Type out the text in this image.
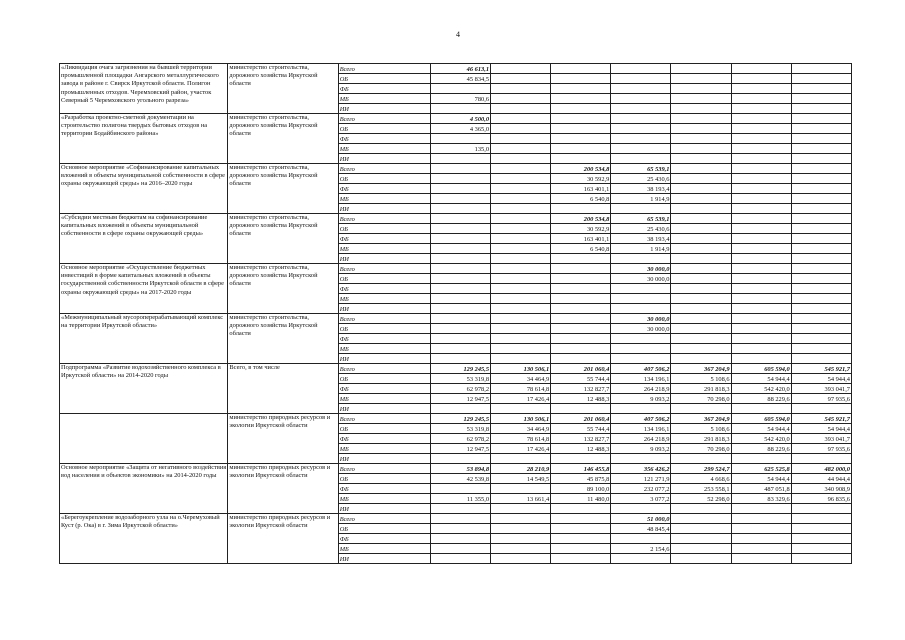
4
«Ликвидация очага загрязнения на бывшей территории промышленной площадки Ангарского металлургического завода в районе г. Свирск Иркутской области. Полигон промышленных отходов. Черемховский район, участок Северный 5 Черемховского угольного разреза»	министерство строительства, дорожного хозяйства Иркутской области	Всего	46 613,1						
		ОБ	45 834,5						
		ФБ							
		МБ	780,6						
		ИИ							
«Разработка проектно-сметной документации на строительство полигона твердых бытовых отходов на территории Бодайбинского района»	министерство строительства, дорожного хозяйства Иркутской области	Всего	4 500,0						
		ОБ	4 365,0						
		ФБ							
		МБ	135,0						
		ИИ							
Основное мероприятие «Софинансирование капитальных вложений в объекты муниципальной собственности в сфере охраны окружающей среды» на 2016–2020 годы	министерство строительства, дорожного хозяйства Иркутской области	Всего			200 534,8	65 539,1			
		ОБ			30 592,9	25 430,6			
		ФБ			163 401,1	38 193,4			
		МБ			6 540,8	1 914,9			
		ИИ							
«Субсидии местным бюджетам на софинансирование капитальных вложений в объекты муниципальной собственности в сфере охраны окружающей среды»	министерство строительства, дорожного хозяйства Иркутской области	Всего			200 534,8	65 539,1			
		ОБ			30 592,9	25 430,6			
		ФБ			163 401,1	38 193,4			
		МБ			6 540,8	1 914,9			
		ИИ							
Основное мероприятие «Осуществление бюджетных инвестиций в форме капитальных вложений в объекты государственной собственности Иркутской области в сфере охраны окружающей среды» на 2017-2020 годы	министерство строительства, дорожного хозяйства Иркутской области	Всего				30 000,0			
		ОБ				30 000,0			
		ФБ							
		МБ							
		ИИ							
«Межмуниципальный мусороперерабатывающий комплекс на территории Иркутской области»	министерство строительства, дорожного хозяйства Иркутской области	Всего				30 000,0			
		ОБ				30 000,0			
		ФБ							
		МБ							
		ИИ							
Подпрограмма «Развитие водохозяйственного комплекса в Иркутской области» на 2014-2020 годы	Всего, в том числе	Всего	129 245,5	130 506,1	201 060,4	407 506,2	367 204,9	605 594,0	545 921,7
		ОБ	53 319,8	34 464,9	55 744,4	134 196,1	5 108,6	54 944,4	54 944,4
		ФБ	62 978,2	78 614,8	132 827,7	264 218,9	291 818,3	542 420,0	393 041,7
		МБ	12 947,5	17 426,4	12 488,3	9 093,2	70 298,0	88 229,6	97 935,6
		ИИ							
	министерство природных ресурсов и экологии Иркутской области	Всего	129 245,5	130 506,1	201 060,4	407 506,2	367 204,9	605 594,0	545 921,7
		ОБ	53 319,8	34 464,9	55 744,4	134 196,1	5 108,6	54 944,4	54 944,4
		ФБ	62 978,2	78 614,8	132 827,7	264 218,9	291 818,3	542 420,0	393 041,7
		МБ	12 947,5	17 426,4	12 488,3	9 093,2	70 298,0	88 229,6	97 935,6
		ИИ							
Основное мероприятие «Защита от негативного воздействия вод населения и объектов экономики» на 2014-2020 годы	министерство природных ресурсов и экологии Иркутской области	Всего	53 894,8	28 210,9	146 455,8	356 426,2	299 524,7	625 525,8	482 000,0
		ОБ	42 539,8	14 549,5	45 875,8	121 271,9	4 668,6	54 944,4	44 944,4
		ФБ			89 100,0	232 077,2	253 558,1	487 051,8	340 908,9
		МБ	11 355,0	13 661,4	11 480,0	3 077,2	52 298,0	83 329,6	96 835,6
		ИИ							
«Берегоукрепление водозаборного узла на о.Черемуховый Куст (р. Ока) в г. Зима Иркутской области»	министерство природных ресурсов и экологии Иркутской области	Всего				51 000,0			
		ОБ				48 845,4			
		ФБ							
		МБ				2 154,6			
		ИИ							
